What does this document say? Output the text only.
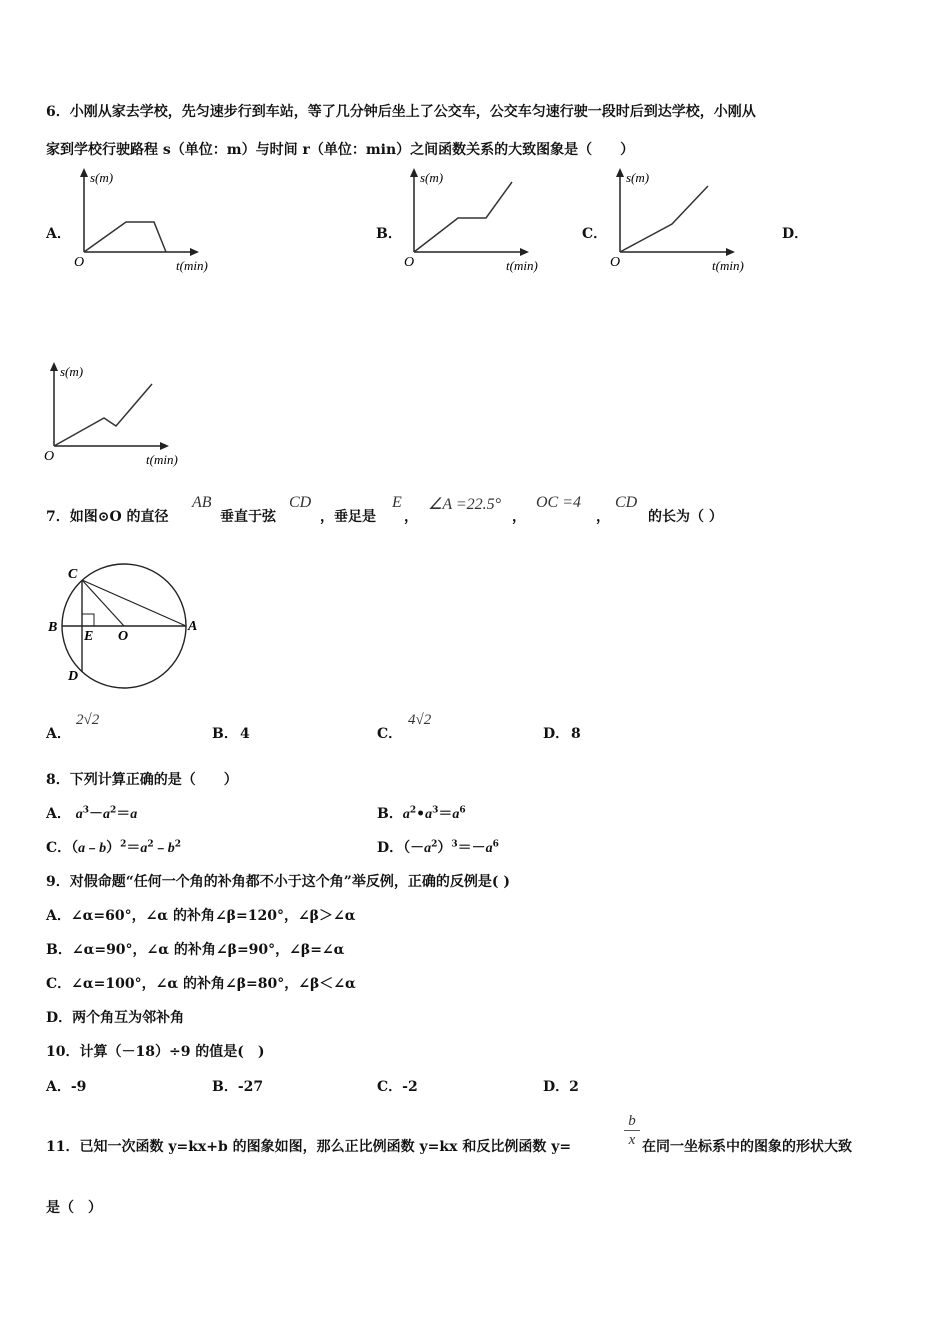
6．小刚从家去学校，先匀速步行到车站，等了几分钟后坐上了公交车，公交车匀速行驶一段时后到达学校，小刚从
家到学校行驶路程 s（单位：m）与时间 r（单位：min）之间函数关系的大致图象是（　　）
A．
s(m)
O	t(min)
B．
s(m)
O	t(min)
C．
s(m)
O	t(min)
D．
s(m)
O	t(min)
7．如图⊙O 的直径
AB
垂直于弦
CD
，垂足是
E
，
∠A =22.5°
，
OC =4
，
CD
的长为（ ）
C
B
E O
A
D
A．
2√2
B． 4	C．
4√2
D． 8
8．下列计算正确的是（　　）
A． $a^3-a^2=a$	B．$a^2•a^3=a^6$
C．$(a﹣b)^2=a^2﹣b^2$	D．$(-a^2)^3=-a^6$
9．对假命题“任何一个角的补角都不小于这个角”举反例，正确的反例是( )
A．∠α=60°，∠α 的补角∠β=120°，∠β＞∠α
B．∠α=90°，∠α 的补角∠β=90°，∠β=∠α
C．∠α=100°，∠α 的补角∠β=80°，∠β＜∠α
D．两个角互为邻补角
10．计算（－18）÷9 的值是(　)
A．-9	B．-27	C．-2	D．2
11．已知一次函数 y=kx+b 的图象如图，那么正比例函数 y=kx 和反比例函数 y=	$\frac{b}{x}$ 在同一坐标系中的图象的形状大致
是（　）
